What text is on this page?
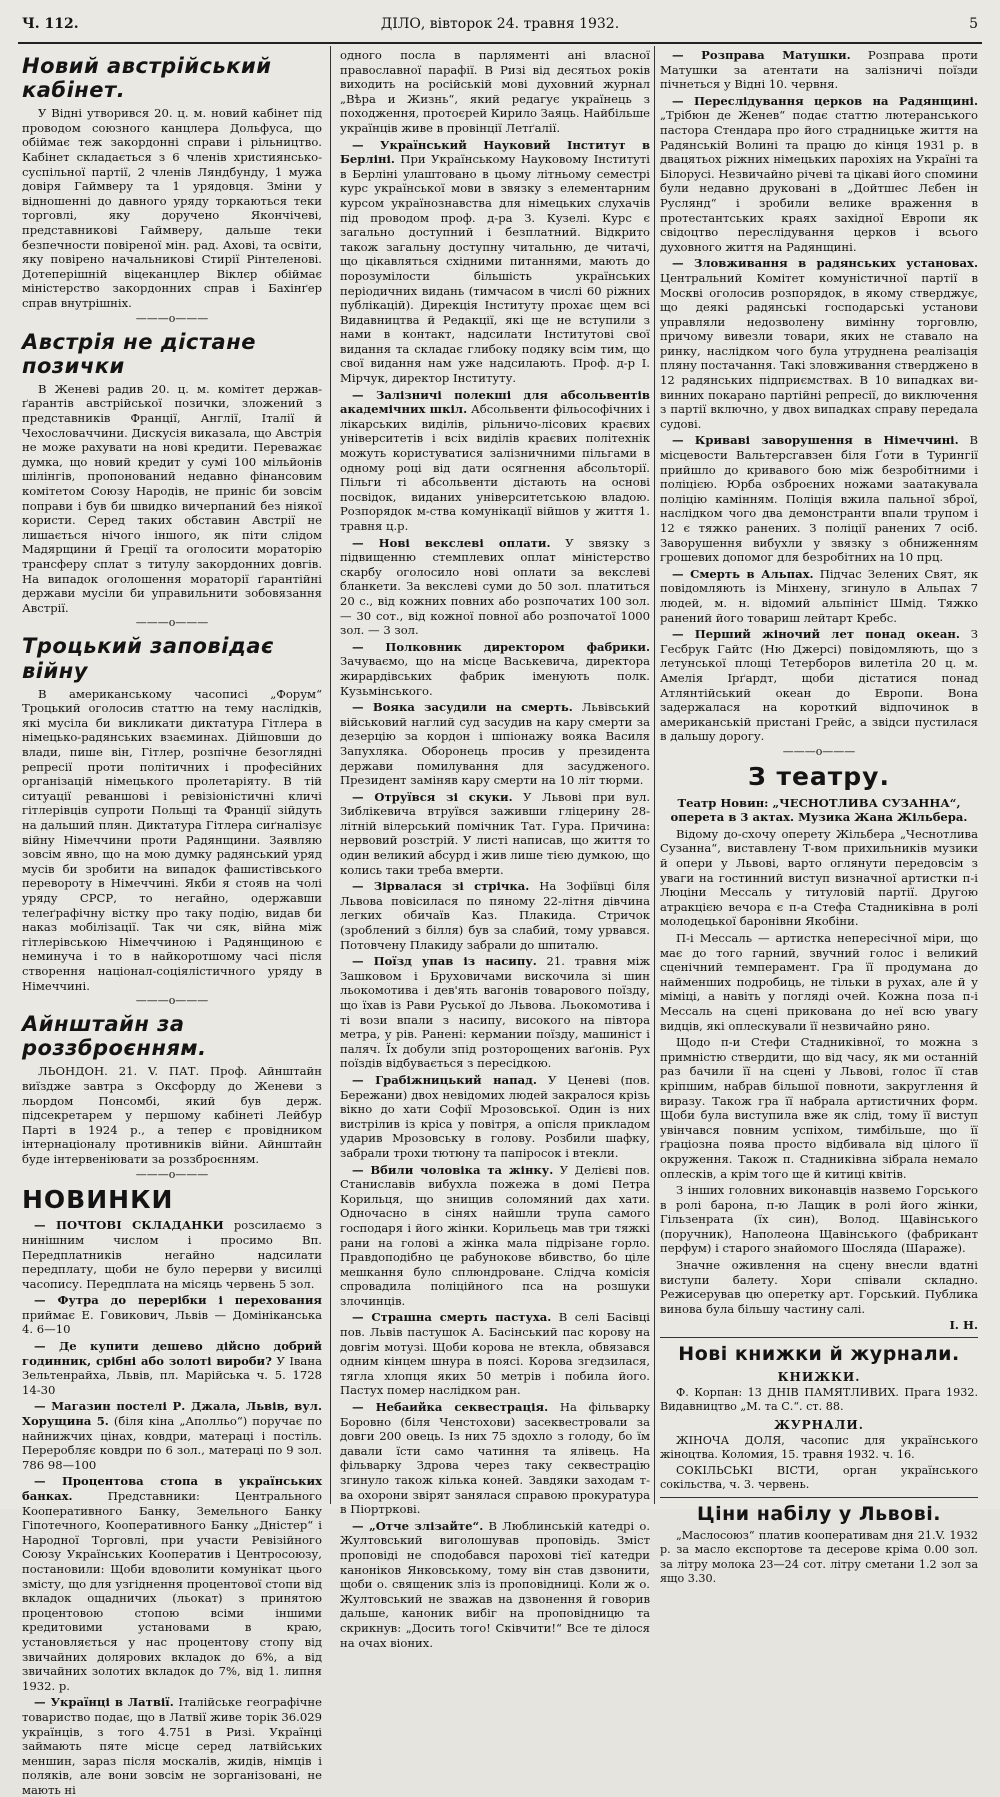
Ч. 112.	ДІЛО, вівторок 24. травня 1932.	5
Новий австрійський кабінет.

У Відні утворився 20. ц. м. новий кабінет під проводом союзного канцлера Дольфуса, що обіймає теж закордонні справи і рільництво. Кабінет складається з 6 членів християнсько-суспільної партії, 2 членів Ляндбунду, 1 мужа довіря Гаймверу та 1 урядовця. Зміни у відношенні до давного уряду торкаються теки торговлі, яку доручено Якончічеві, представникові Гаймверу, дальше теки безпечности повіреної мін. рад. Ахові, та освіти, яку повірено начальникові Стирії Рінтеленові. Дотеперішній віцеканцлер Віклєр обіймає міністерство закордонних справ і Бахінґер справ внутрішніх.

———o———
Австрія не дістане позички

В Женеві радив 20. ц. м. комітет держав-ґарантів австрійської позички, зложений з представників Франції, Англії, Італії й Чехословаччини. Дискусія виказала, що Австрія не може рахувати на нові кредити. Переважає думка, що новий кредит у сумі 100 мільйонів шілінгів, пропонований недавно фінансовим комітетом Союзу Народів, не приніс би зовсім поправи і був би швидко вичерпаний без ніякої користи. Серед таких обставин Австрії не лишається нічого іншого, як піти слідом Мадярщини й Греції та оголосити мораторію трансферу сплат з титулу закордонних довгів. На випадок оголошення мораторії ґарантійні держави мусіли би управильнити зобовязання Австрії.

———o———
Троцький заповідає війну

В американському часописі „Форум“ Троцький оголосив статтю на тему наслідків, які мусіла би викликати диктатура Гітлера в німецько-радянських взаєминах. Дійшовши до влади, пише він, Гітлер, розпічне безоглядні репресії проти політичних і професійних організацій німецького пролетаріяту. В тій ситуації реваншові і ревізіоністичні кличі гітлерівців супроти Польщі та Франції зійдуть на дальший плян. Диктатура Гітлера сиґналізує війну Німеччини проти Радянщини. Заявляю зовсім явно, що на мою думку радянський уряд мусів би зробити на випадок фашистівського перевороту в Німеччині. Якби я стояв на чолі уряду СРСР, то негайно, одержавши телеґрафічну вістку про таку подію, видав би наказ мобілізації. Так чи сяк, війна між гітлерівською Німеччиною і Радянщиною є неминуча і то в найкоротшому часі після створення націонал-соціялістичного уряду в Німеччині.

———o———
Айнштайн за роззброєнням.

ЛЬОНДОН. 21. V. ПАТ. Проф. Айнштайн виїздже завтра з Оксфорду до Женеви з льордом Понсомбі, який був держ. підсекретарем у першому кабінеті Лейбур Парті в 1924 р., а тепер є провідником інтернаціоналу противників війни. Айнштайн буде інтервеніювати за роззброєнням.

———o———
НОВИНКИ
— ПОЧТОВІ СКЛАДАНКИ розсилаємо з нинішним числом і просимо Вп. Передплатників негайно надсилати передплату, щоби не було перерви у висилці часопису. Передплата на місяць червень 5 зол.
— Футра до перерібки і перехования приймає Е. Говикович, Львів — Домініканська 4. 6—10
— Де купити дешево дійсно добрий годинник, срібні або золоті вироби? У Івана Зельтенрайха, Львів, пл. Марійська ч. 5. 1728 14-30
— Магазин постелі Р. Джала, Львів, вул. Хорущина 5. (біля кіна „Аполльо“) поручає по найнижчих цінах, ковдри, матераці і постіль. Переробляє ковдри по 6 зол., матераці по 9 зол. 786 98—100
— Процентова стопа в українських банках. Представники: Центрального Кооперативного Банку, Земельного Банку Гіпотечного, Кооперативного Банку „Дністер“ і Народної Торговлі, при участи Ревізійного Союзу Українських Кооператив і Центросоюзу, постановили: Щоби вдоволити комунікат цього змісту, що для узгіднення процентової стопи від вкладок ощадничих (льокат) з принятою процентовою стопою всіми іншими кредитовими установами в краю, установляється у нас процентову стопу від звичайних долярових вкладок до 6%, а від звичайних золотих вкладок до 7%, від 1. липня 1932. р.
— Українці в Латвії. Італійське географічне товариство подає, що в Латвії живе торік 36.029 українців, з того 4.751 в Ризі. Українці займають пяте місце серед латвійських меншин, зараз після москалів, жидів, німців і поляків, але вони зовсім не зорганізовані, не мають ні

одного посла в парляменті ані власної православної парафії. В Ризі від десятьох років виходить на російській мові духовний журнал „Вѣра и Жизнь“, який редагує українець з походження, протоєрей Кирило Заяць. Найбільше українців живе в провінції Летґалії.

— Український Науковий Інститут в Берліні. При Українському Науковому Інституті в Берліні улаштовано в цьому літньому семестрі курс української мови в звязку з елементарним курсом українознавства для німецьких слухачів під проводом проф. д-ра З. Кузелі. Курс є загально доступний і безплатний. Відкрито також загальну доступну читальню, де читачі, що цікавляться східними питаннями, мають до порозумілости більшість українських періодичних видань (тимчасом в числі 60 ріжних публікацій). Дирекція Інституту прохає щем всі Видавництва й Редакції, які ще не вступили з нами в контакт, надсилати Інститутові свої видання та складає глибоку подяку всім тим, що свої видання нам уже надсилають. Проф. д-р І. Мірчук, директор Інституту.
— Залізничі полекші для абсольвентів академічних шкіл. Абсольвенти фільософічних і лікарських виділів, рільничо-лісових краєвих університетів і всіх виділів краєвих політехнік можуть користуватися залізничними пільгами в одному році від дати осягнення абсольторії. Пільги ті абсольвенти дістають на основі посвідок, виданих університетською владою. Розпорядок м-ства комунікації війшов у життя 1. травня ц.р.
— Нові векслеві оплати. У звязку з підвищенню стемплевих оплат міністерство скарбу оголосило нові оплати за векслеві бланкети. За векслеві суми до 50 зол. платиться 20 с., від кожних повних або розпочатих 100 зол. — 30 сот., від кожної повної або розпочатої 1000 зол. — 3 зол.
— Полковник директором фабрики. Зачуваємо, що на місце Васькевича, директора жирардівських фабрик іменують полк. Кузьмінського.
— Вояка засудили на смерть. Львівський військовий наглий суд засудив на кару смерти за дезерцію за кордон і шпіонажу вояка Василя Запухляка. Оборонець просив у президента держави помилування для засудженого. Президент заміняв кару смерти на 10 літ тюрми.
— Отруївся зі скуки. У Львові при вул. Зиблікевича втруївся заживши гліцерину 28-літній вілерський помічник Тат. Гура. Причина: нервовий розстрій. У листі написав, що життя то один великий абсурд і жив лише тією думкою, що колись таки треба вмерти.
— Зірвалася зі стрічка. На Зофіївці біля Львова повісилася по пяному 22-літня дівчина легких обичаїв Каз. Плакида. Стричок (зроблений з білля) був за слабий, тому урвався. Потовчену Плакиду забрали до шпиталю.
— Поїзд упав із насипу. 21. травня між Зашковом і Бруховичами вискочила зі шин льокомотива і дев'ять вагонів товарового поїзду, що їхав із Рави Руської до Львова. Льокомотива і ті вози впали з насипу, високого на півтора метра, у рів. Ранені: кермании поїзду, машиніст і паляч. Їх добули зпід розторощених ваґонів. Рух поїздів відбувається з пересідкою.
— Грабіжницький напад. У Ценеві (пов. Бережани) двох невідомих людей закралося крізь вікно до хати Софії Мрозовської. Один із них вистрілив із кріса у повітря, а опісля прикладом ударив Мрозовську в голову. Розбили шафку, забрали трохи тютюну та папіросок і втекли.
— Вбили чоловіка та жінку. У Делієві пов. Станиславів вибухла пожежа в домі Петра Корильця, що знищив соломяний дах хати. Одночасно в сінях найшли трупа самого господаря і його жінки. Корильець мав три тяжкі рани на голові а жінка мала підрізане горло. Правдоподібно це рабунокове вбивство, бо ціле мешкання було сплюндроване. Слідча комісія спровадила поліційного пса на розшуки злочинців.
— Страшна смерть пастуха. В селі Басівці пов. Львів пастушок А. Басінський пас корову на довгім мотузі. Щоби корова не втекла, обвязався одним кінцем шнура в поясі. Корова згедзилася, тягла хлопця яких 50 метрів і побила його. Пастух помер наслідком ран.
— Небаийка секвестрація. На фільварку Боровно (біля Ченстохови) засеквестровали за довги 200 овець. Із них 75 здохло з голоду, бо їм давали їсти само чатиння та ялівець. На фільварку Здрова через таку секвестрацію згинуло також кілька коней. Завдяки заходам т-ва охорони звірят занялася справою прокуратура в Піортркові.
— „Отче злізайте“. В Люблинській катедрі о. Жултовський виголошував проповідь. Зміст проповіді не сподобався парохові тієї катедри каноніков Янковському, тому він став дзвонити, щоби о. священик зліз із проповідниці. Коли ж о. Жултовський не зважав на дзвонення й говорив дальше, каноник вибіг на проповідницю та скрикнув: „Досить того! Сківчити!“ Все те ділося на очах віоних.
— Розправа Матушки. Розправа проти Матушки за атентати на залізничі поїзди пічнеться у Відні 10. червня.
— Переслідування церков на Радянщині. „Трібюн де Женев“ подає статтю лютеранського пастора Стендара про його страдницьке життя на Радянській Волині та працю до кінця 1931 р. в двацятьох ріжних німецьких парохіях на Україні та Білорусі. Незвичайно річеві та цікаві його спомини були недавно друковані в „Дойтшес Лєбен ін Руслянд“ і зробили велике враження в протестантських краях західної Европи як свідоцтво переслідування церков і всього духовного життя на Радянщині.
— Зловживання в радянських установах. Центральний Комітет комуністичної партії в Москві оголосив розпорядок, в якому стверджує, що деякі радянські господарські установи управляли недозволену вимінну торговлю, причому вивезли товари, яких не ставало на ринку, наслідком чого була утруднена реалізація пляну постачання. Такі зловживання стверджено в 12 радянських підприємствах. В 10 випадках ви-винних покарано партійні репресії, до виключення з партії включно, у двох випадках справу передала судові.
— Криваві заворушення в Німеччині. В місцевости Вальтерсгавзен біля Ґоти в Турингії прийшло до кривавого бою між безробітними і поліцією. Юрба озброєних ножами заатакувала поліцію камінням. Поліція вжила пальної зброї, наслідком чого два демонстранти впали трупом і 12 є тяжко ранених. З поліції ранених 7 осіб. Заворушення вибухли у звязку з обниженням грошевих допомог для безробітних на 10 прц.
— Смерть в Альпах. Підчас Зелених Свят, як повідомляють із Мінхену, згинуло в Альпах 7 людей, м. н. відомий альпініст Шмід. Тяжко ранений його товариш лейтарт Кребс.
— Перший жіночий лет понад океан. З Гесбрук Гайтс (Ню Джерсі) повідомляють, що з летунської площі Тетерборов вилетіла 20 ц. м. Амелія Ірґардт, щоби дістатися понад Атлянтійський океан до Европи. Вона задержалася на короткий відпочинок в американській пристані Грейс, а звідси пустилася в дальшу дорогу.
———o———
З театру.

Театр Новин: „ЧЕСНОТЛИВА СУЗАННА“, оперета в 3 актах. Музика Жана Жільбера.

Відому до-схочу оперету Жільбера „Чеснотлива Сузанна“, виставлену Т-вом прихильників музики й опери у Львові, варто оглянути передовсім з уваги на гостинний виступ визначної артистки п-і Люціни Мессаль у титуловій партії. Другою атракцією вечора є п-а Стефа Стадниківна в ролі молодецької баронівни Якобіни.

П-і Мессаль — артистка непересічної міри, що має до того гарний, звучний голос і великий сценічний темперамент. Гра її продумана до найменших подробиць, не тільки в рухах, але й у міміці, а навіть у погляді очей. Кожна поза п-і Мессаль на сцені прикована до неї всю увагу видців, які оплескували її незвичайно ряно.

Щодо п-и Стефи Стадниківної, то можна з примністю ствердити, що від часу, як ми останній раз бачили її на сцені у Львові, голос її став кріпшим, набрав більшої повноти, закруглення й виразу. Також гра її набрала артистичних форм. Щоби була виступила вже як слід, тому її виступ увінчався повним успіхом, тимбільше, що її ґраціозна поява просто відбивала від цілого її окруження. Також п. Стадниківна зібрала немало оплесків, а крім того ще й китиці квітів.

З інших головних виконавців назвемо Горського в ролі барона, п-ю Лащик в ролі його жінки, Гільзенрата (їх син), Волод. Щавінського (поручник), Наполеона Щавінського (фабрикант перфум) і старого знайомого Шосляда (Шараже).

Значне оживлення на сцену внесли вдатні виступи балету. Хори співали складно. Режисерував цю оперетку арт. Горський. Публика винова була більшу частину салі.

І. Н.

Нові книжки й журнали.
КНИЖКИ.

Ф. Корпан: 13 ДНІВ ПАМЯТЛИВИХ. Прага 1932. Видавництво „М. та С.“. ст. 88.

ЖУРНАЛИ.

ЖІНОЧА ДОЛЯ, часопис для українського жіноцтва. Коломия, 15. травня 1932. ч. 16.

СОКІЛЬСЬКІ ВІСТИ, орган українського сокільства, ч. 3. червень.

Ціни набілу у Львові.

„Маслосоюз“ платив кооперативам дня 21.V. 1932 р. за масло експортове та десерове кріма 0.00 зол. за літру молока 23—24 сот. літру сметани 1.2 зол за ящо 3.30.
